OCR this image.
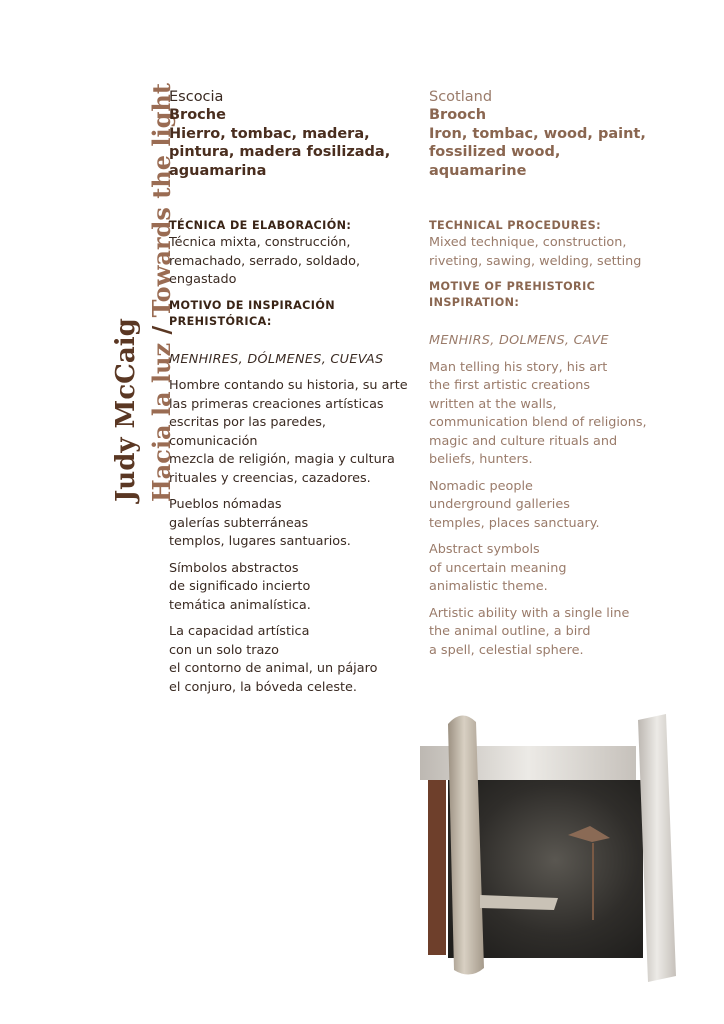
Judy McCaig Hacia la luz / Towards the light
Escocia
Broche
Hierro, tombac, madera,
pintura, madera fosilizada,
aguamarina
TÉCNICA DE ELABORACIÓN:
Técnica mixta, construcción,
remachado, serrado, soldado,
engastado
MOTIVO DE INSPIRACIÓN
PREHISTÓRICA:
MENHIRES, DÓLMENES, CUEVAS
Hombre contando su historia, su arte
las primeras creaciones artísticas
escritas por las paredes, comunicación
mezcla de religión, magia y cultura
rituales y creencias, cazadores.
Pueblos nómadas
galerías subterráneas
templos, lugares santuarios.
Símbolos abstractos
de significado incierto
temática animalística.
La capacidad artística
con un solo trazo
el contorno de animal, un pájaro
el conjuro, la bóveda celeste.
Scotland
Brooch
Iron, tombac, wood, paint,
fossilized wood,
aquamarine
TECHNICAL PROCEDURES:
Mixed technique, construction,
riveting, sawing, welding, setting
MOTIVE OF PREHISTORIC
INSPIRATION:
MENHIRS, DOLMENS, CAVE
Man telling his story, his art
the first artistic creations
written at the walls,
communication blend of religions,
magic and culture rituals and
beliefs, hunters.
Nomadic people
underground galleries
temples, places sanctuary.
Abstract symbols
of uncertain meaning
animalistic theme.
Artistic ability with a single line
the animal outline, a bird
a spell, celestial sphere.
